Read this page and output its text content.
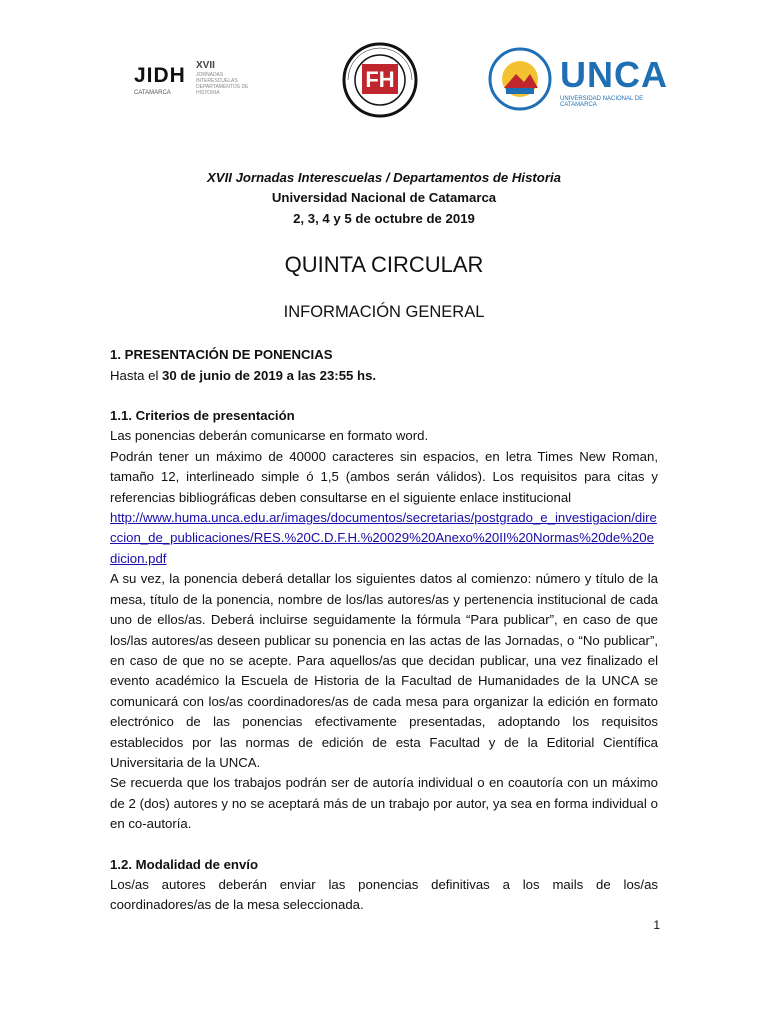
JIDH
CATAMARCA
XVII
JORNADAS INTERESCUELAS DEPARTAMENTOS DE HISTORIA
FH	UNCA
UNIVERSIDAD NACIONAL DE CATAMARCA
XVII Jornadas Interescuelas / Departamentos de Historia
Universidad Nacional de Catamarca
2, 3, 4 y 5 de octubre de 2019
QUINTA CIRCULAR
INFORMACIÓN GENERAL
1. PRESENTACIÓN DE PONENCIAS

Hasta el 30 de junio de 2019 a las 23:55 hs.

1.1. Criterios de presentación

Las ponencias deberán comunicarse en formato word.

Podrán tener un máximo de 40000 caracteres sin espacios, en letra Times New Roman, tamaño 12, interlineado simple ó 1,5 (ambos serán válidos). Los requisitos para citas y referencias bibliográficas deben consultarse en el siguiente enlace institucional

http://www.huma.unca.edu.ar/images/documentos/secretarias/postgrado_e_investigacion/direccion_de_publicaciones/RES.%20C.D.F.H.%20029%20Anexo%20II%20Normas%20de%20edicion.pdf

A su vez, la ponencia deberá detallar los siguientes datos al comienzo: número y título de la mesa, título de la ponencia, nombre de los/las autores/as y pertenencia institucional de cada uno de ellos/as. Deberá incluirse seguidamente la fórmula “Para publicar”, en caso de que los/las autores/as deseen publicar su ponencia en las actas de las Jornadas, o “No publicar”, en caso de que no se acepte. Para aquellos/as que decidan publicar, una vez finalizado el evento académico la Escuela de Historia de la Facultad de Humanidades de la UNCA se comunicará con los/as coordinadores/as de cada mesa para organizar la edición en formato electrónico de las ponencias efectivamente presentadas, adoptando los requisitos establecidos por las normas de edición de esta Facultad y de la Editorial Científica Universitaria de la UNCA.

Se recuerda que los trabajos podrán ser de autoría individual o en coautoría con un máximo de 2 (dos) autores y no se aceptará más de un trabajo por autor, ya sea en forma individual o en co-autoría.

1.2. Modalidad de envío

Los/as autores deberán enviar las ponencias definitivas a los mails de los/as coordinadores/as de la mesa seleccionada.

1
